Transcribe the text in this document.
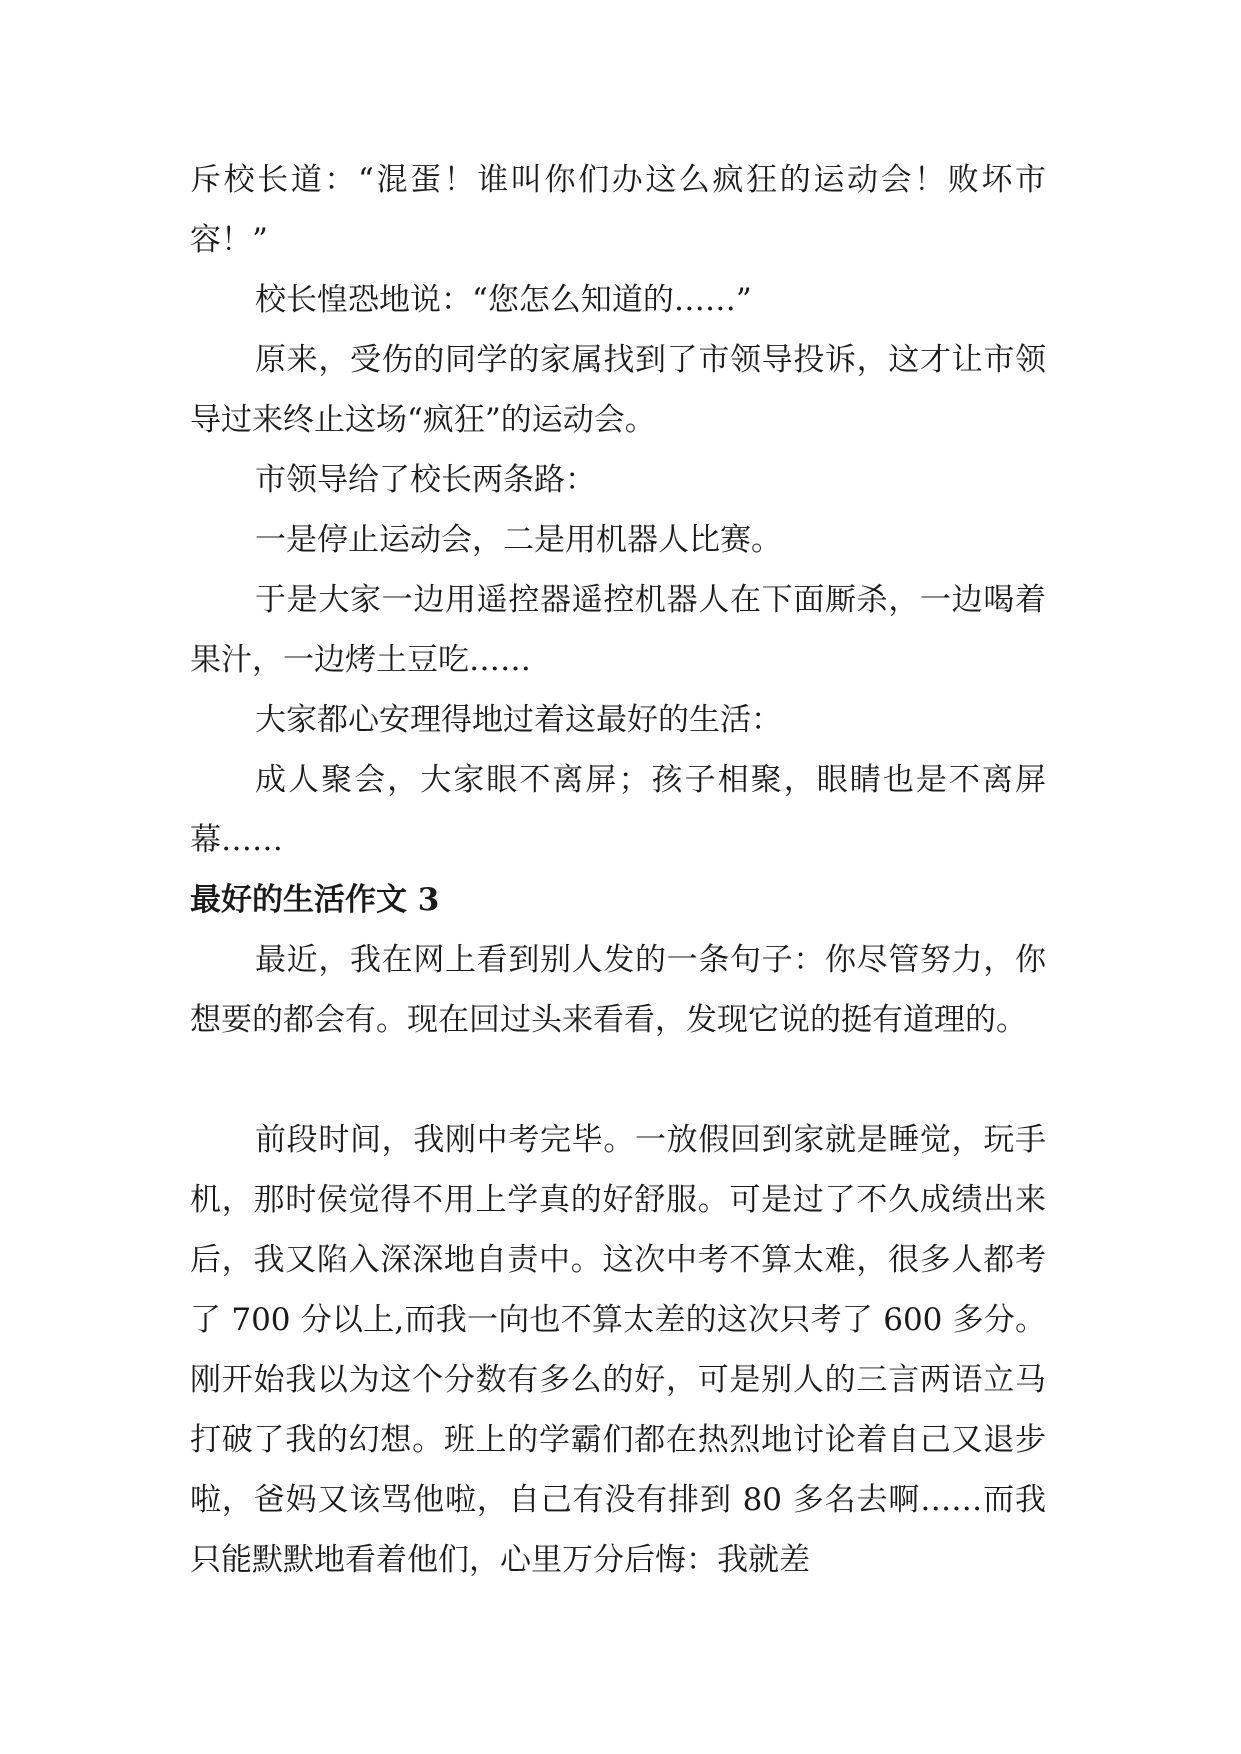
斥校长道：“混蛋！谁叫你们办这么疯狂的运动会！败坏市容！”

校长惶恐地说：“您怎么知道的……”

原来，受伤的同学的家属找到了市领导投诉，这才让市领导过来终止这场“疯狂”的运动会。

市领导给了校长两条路：

一是停止运动会，二是用机器人比赛。

于是大家一边用遥控器遥控机器人在下面厮杀，一边喝着果汁，一边烤土豆吃……

大家都心安理得地过着这最好的生活：

成人聚会，大家眼不离屏；孩子相聚，眼睛也是不离屏幕……

最好的生活作文 3

最近，我在网上看到别人发的一条句子：你尽管努力，你想要的都会有。现在回过头来看看，发现它说的挺有道理的。

前段时间，我刚中考完毕。一放假回到家就是睡觉，玩手机，那时侯觉得不用上学真的好舒服。可是过了不久成绩出来后，我又陷入深深地自责中。这次中考不算太难，很多人都考了 700 分以上,而我一向也不算太差的这次只考了 600 多分。刚开始我以为这个分数有多么的好，可是别人的三言两语立马打破了我的幻想。班上的学霸们都在热烈地讨论着自己又退步啦，爸妈又该骂他啦，自己有没有排到 80 多名去啊……而我只能默默地看着他们，心里万分后悔：我就差
